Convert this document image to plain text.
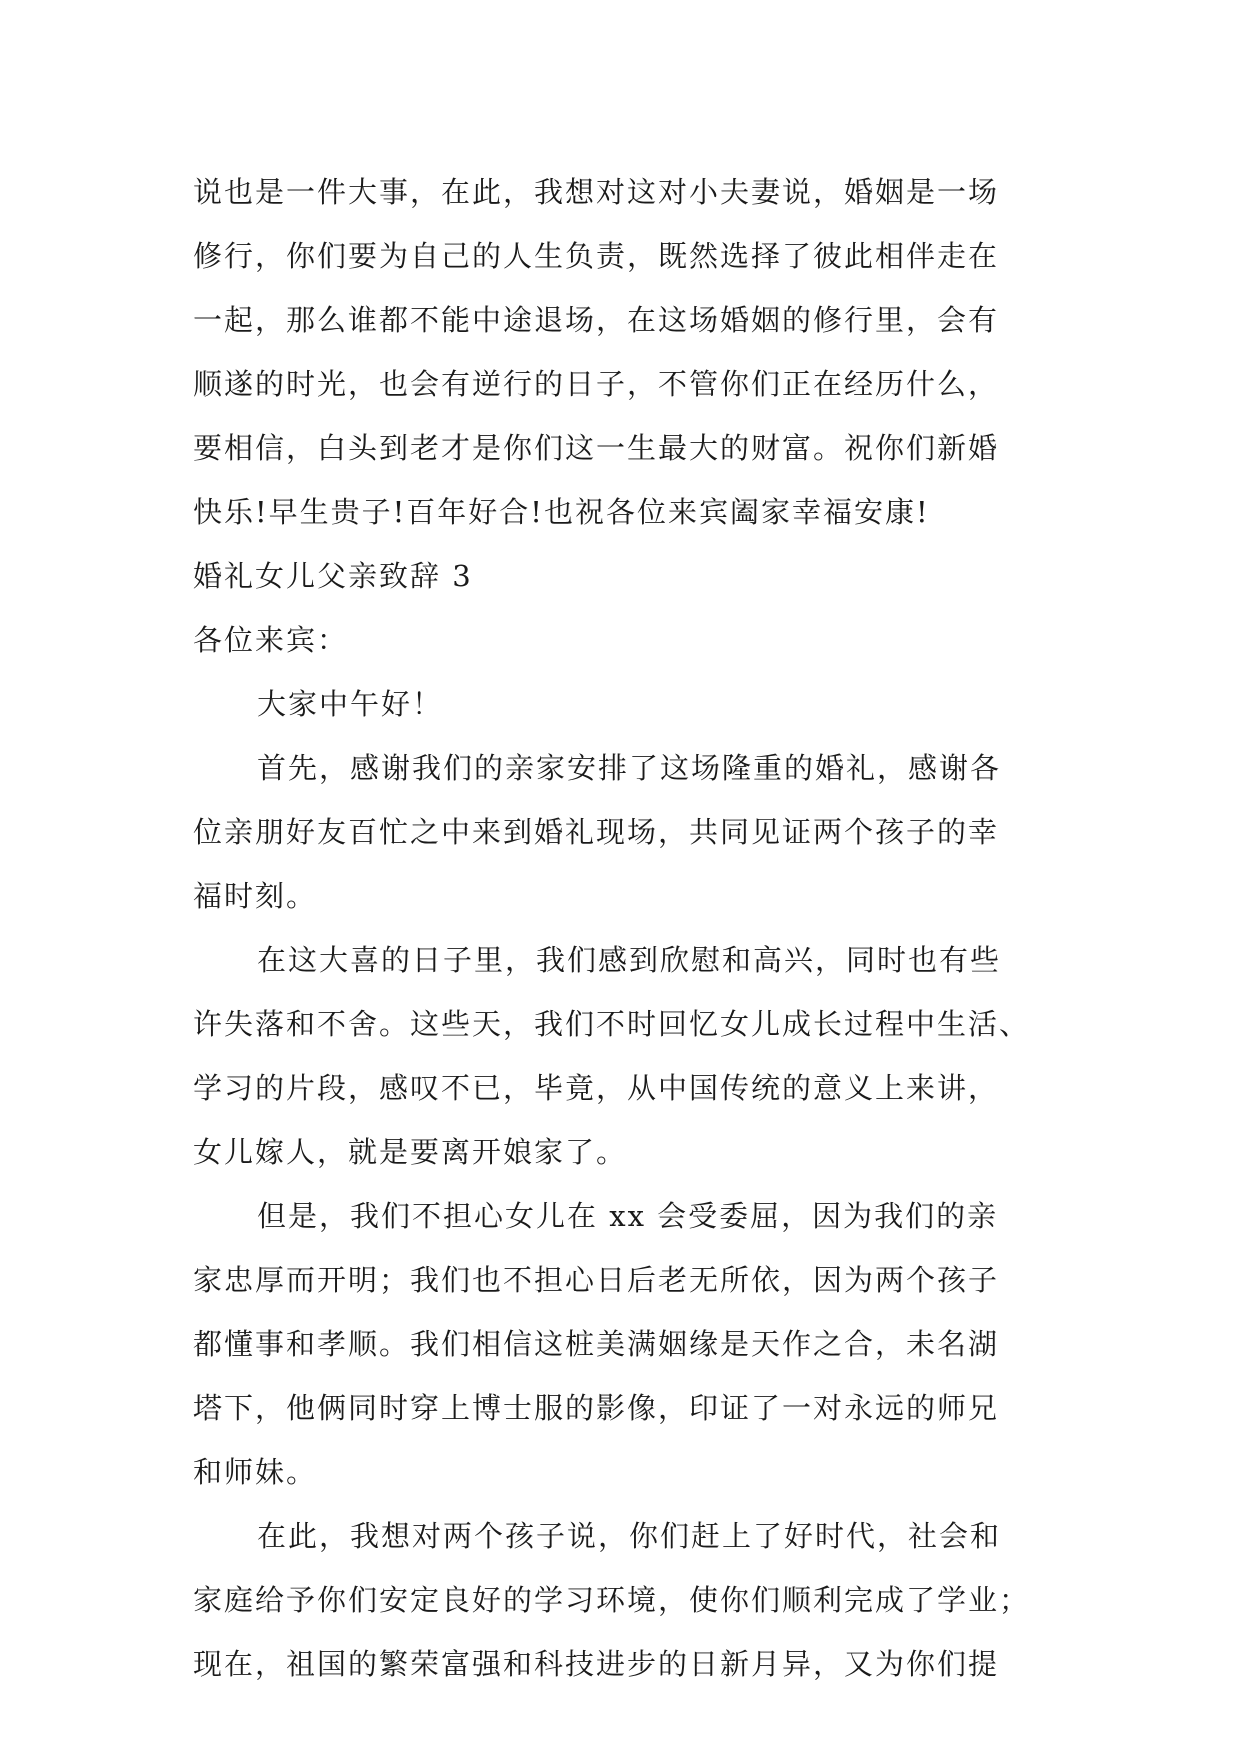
说也是一件大事，在此，我想对这对小夫妻说，婚姻是一场
修行，你们要为自己的人生负责，既然选择了彼此相伴走在
一起，那么谁都不能中途退场，在这场婚姻的修行里，会有
顺遂的时光，也会有逆行的日子，不管你们正在经历什么，
要相信，白头到老才是你们这一生最大的财富。祝你们新婚
快乐!早生贵子!百年好合!也祝各位来宾阖家幸福安康!
婚礼女儿父亲致辞 3
各位来宾：
大家中午好！
首先，感谢我们的亲家安排了这场隆重的婚礼，感谢各
位亲朋好友百忙之中来到婚礼现场，共同见证两个孩子的幸
福时刻。
在这大喜的日子里，我们感到欣慰和高兴，同时也有些
许失落和不舍。这些天，我们不时回忆女儿成长过程中生活、
学习的片段，感叹不已，毕竟，从中国传统的意义上来讲，
女儿嫁人，就是要离开娘家了。
但是，我们不担心女儿在 xx 会受委屈，因为我们的亲
家忠厚而开明；我们也不担心日后老无所依，因为两个孩子
都懂事和孝顺。我们相信这桩美满姻缘是天作之合，未名湖
塔下，他俩同时穿上博士服的影像，印证了一对永远的师兄
和师妹。
在此，我想对两个孩子说，你们赶上了好时代，社会和
家庭给予你们安定良好的学习环境，使你们顺利完成了学业；
现在，祖国的繁荣富强和科技进步的日新月异，又为你们提
